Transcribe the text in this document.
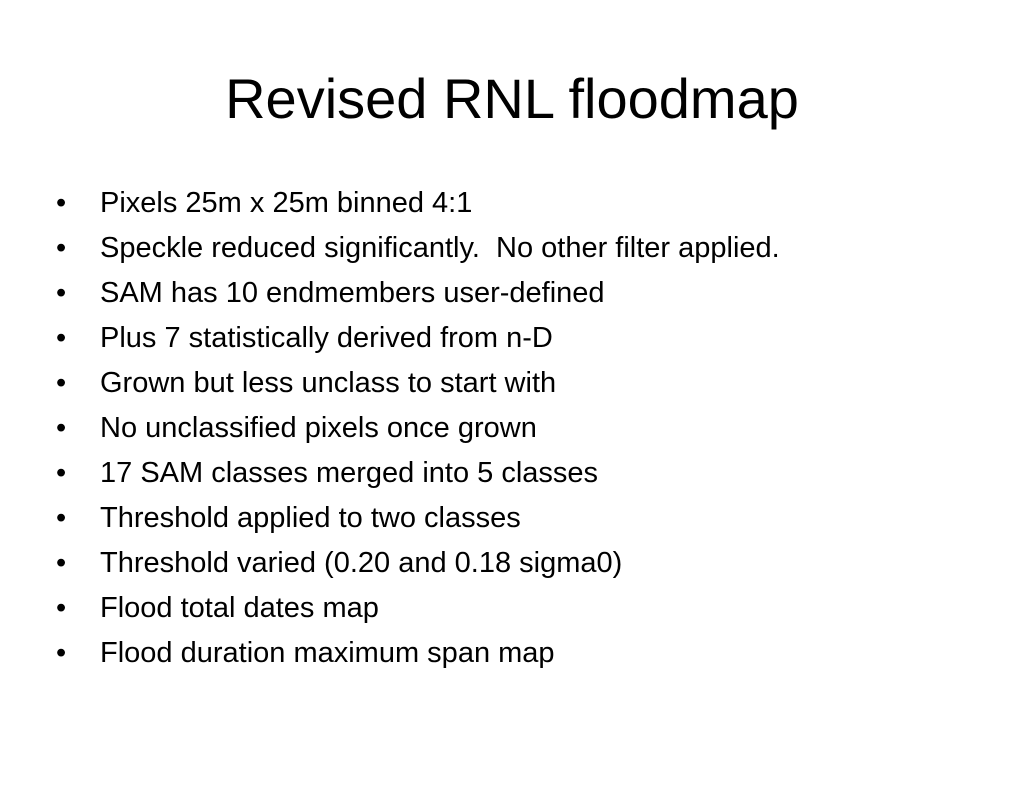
Revised RNL floodmap

•

	Pixels 25m x 25m binned 4:1

•

	Speckle reduced significantly.  No other filter applied.

•

	SAM has 10 endmembers user-defined

•

	Plus 7 statistically derived from n-D

•

	Grown but less unclass to start with

•

	No unclassified pixels once grown

•

	17 SAM classes merged into 5 classes

•

	Threshold applied to two classes

•

	Threshold varied (0.20 and 0.18 sigma0)

•

	Flood total dates map

•

	Flood duration maximum span map
